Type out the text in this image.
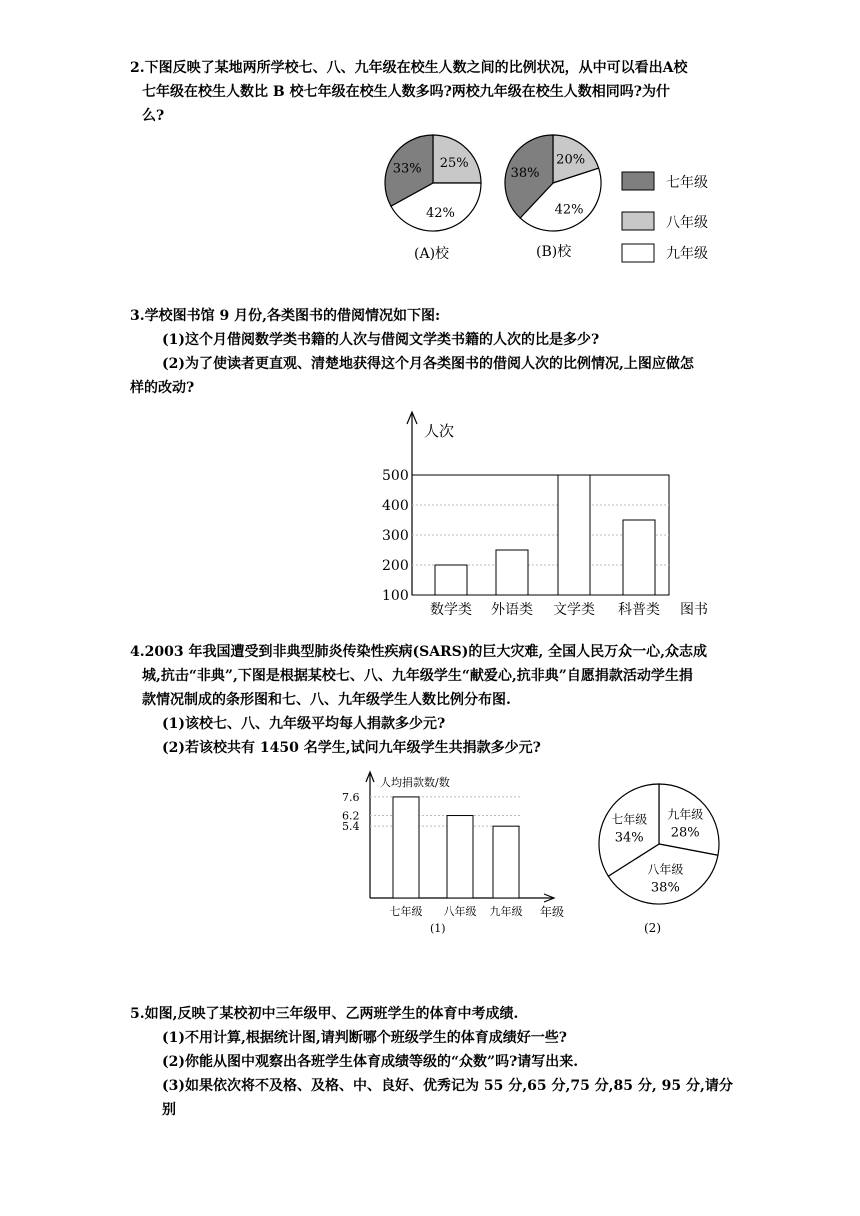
2.下图反映了某地两所学校七、八、九年级在校生人数之间的比例状况，从中可以看出A校

七年级在校生人数比 B 校七年级在校生人数多吗?两校九年级在校生人数相同吗?为什

么?

25%
42%
33%
20%
42%
38%
(A)校	(B)校
七年级
八年级
九年级

3.学校图书馆 9 月份,各类图书的借阅情况如下图:

(1)这个月借阅数学类书籍的人次与借阅文学类书籍的人次的比是多少?

(2)为了使读者更直观、清楚地获得这个月各类图书的借阅人次的比例情况,上图应做怎

样的改动?

人次
100
200
300
400
500
数学类 外语类 文学类 科普类 图书

4.2003 年我国遭受到非典型肺炎传染性疾病(SARS)的巨大灾难, 全国人民万众一心,众志成

城,抗击“非典”,下图是根据某校七、八、九年级学生“献爱心,抗非典”自愿捐款活动学生捐

款情况制成的条形图和七、八、九年级学生人数比例分布图.

(1)该校七、八、九年级平均每人捐款多少元?

(2)若该校共有 1450 名学生,试问九年级学生共捐款多少元?

人均捐款数/数
7.6
6.2
5.4
七年级 八年级 九年级 年级
(1)
九年级
28%
八年级
38%
七年级
34%
(2)

5.如图,反映了某校初中三年级甲、乙两班学生的体育中考成绩.

(1)不用计算,根据统计图,请判断哪个班级学生的体育成绩好一些?

(2)你能从图中观察出各班学生体育成绩等级的“众数”吗?请写出来.

(3)如果依次将不及格、及格、中、良好、优秀记为 55 分,65 分,75 分,85 分, 95 分,请分别
